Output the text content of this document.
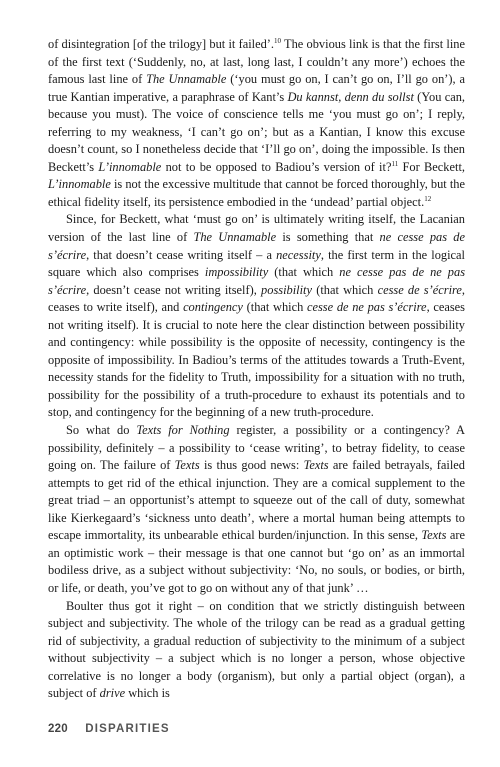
of disintegration [of the trilogy] but it failed’.$^{10}$ The obvious link is that the first line of the first text (‘Suddenly, no, at last, long last, I couldn’t any more’) echoes the famous last line of The Unnamable (‘you must go on, I can’t go on, I’ll go on’), a true Kantian imperative, a paraphrase of Kant’s Du kannst, denn du sollst (You can, because you must). The voice of conscience tells me ‘you must go on’; I reply, referring to my weakness, ‘I can’t go on’; but as a Kantian, I know this excuse doesn’t count, so I nonetheless decide that ‘I’ll go on’, doing the impossible. Is then Beckett’s L’innomable not to be opposed to Badiou’s version of it?$^{11}$ For Beckett, L’innomable is not the excessive multitude that cannot be forced thoroughly, but the ethical fidelity itself, its persistence embodied in the ‘undead’ partial object.$^{12}$

Since, for Beckett, what ‘must go on’ is ultimately writing itself, the Lacanian version of the last line of The Unnamable is something that ne cesse pas de s’écrire, that doesn’t cease writing itself – a necessity, the first term in the logical square which also comprises impossibility (that which ne cesse pas de ne pas s’écrire, doesn’t cease not writing itself), possibility (that which cesse de s’écrire, ceases to write itself), and contingency (that which cesse de ne pas s’écrire, ceases not writing itself). It is crucial to note here the clear distinction between possibility and contingency: while possibility is the opposite of necessity, contingency is the opposite of impossibility. In Badiou’s terms of the attitudes towards a Truth-Event, necessity stands for the fidelity to Truth, impossibility for a situation with no truth, possibility for the possibility of a truth-procedure to exhaust its potentials and to stop, and contingency for the beginning of a new truth-procedure.

So what do Texts for Nothing register, a possibility or a contingency? A possibility, definitely – a possibility to ‘cease writing’, to betray fidelity, to cease going on. The failure of Texts is thus good news: Texts are failed betrayals, failed attempts to get rid of the ethical injunction. They are a comical supplement to the great triad – an opportunist’s attempt to squeeze out of the call of duty, somewhat like Kierkegaard’s ‘sickness unto death’, where a mortal human being attempts to escape immortality, its unbearable ethical burden/injunction. In this sense, Texts are an optimistic work – their message is that one cannot but ‘go on’ as an immortal bodiless drive, as a subject without subjectivity: ‘No, no souls, or bodies, or birth, or life, or death, you’ve got to go on without any of that junk’ …

Boulter thus got it right – on condition that we strictly distinguish between subject and subjectivity. The whole of the trilogy can be read as a gradual getting rid of subjectivity, a gradual reduction of subjectivity to the minimum of a subject without subjectivity – a subject which is no longer a person, whose objective correlative is no longer a body (organism), but only a partial object (organ), a subject of drive which is

220 DISPARITIES
